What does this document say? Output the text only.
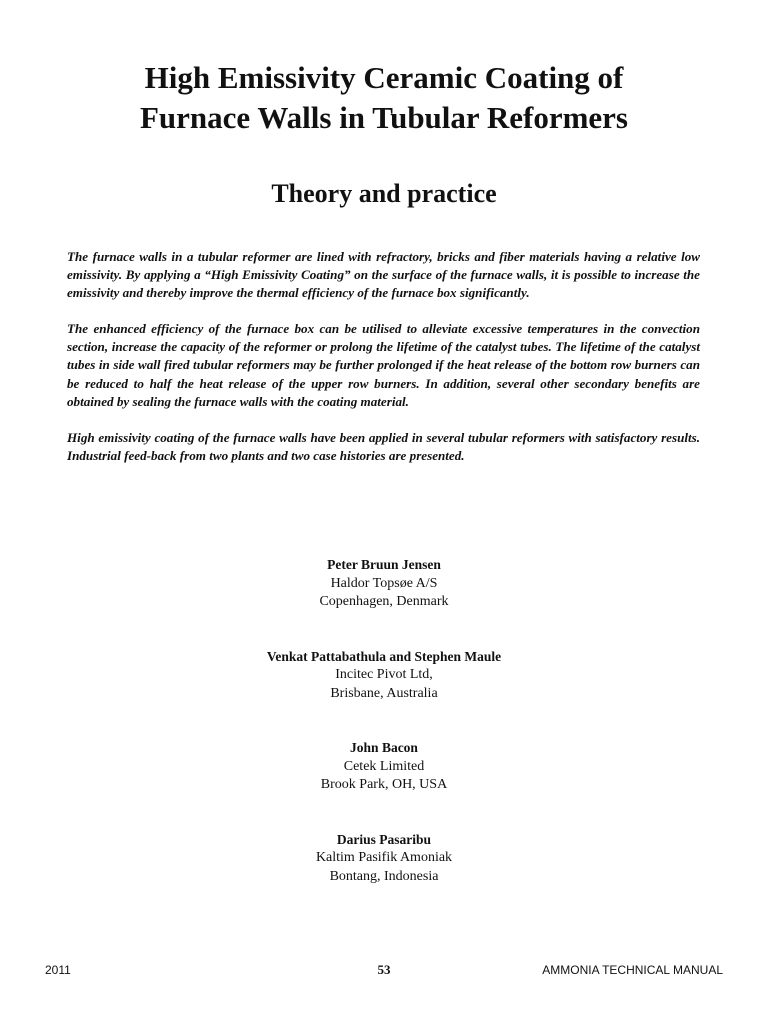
High Emissivity Ceramic Coating of
Furnace Walls in Tubular Reformers
Theory and practice

The furnace walls in a tubular reformer are lined with refractory, bricks and fiber materials having a relative low emissivity. By applying a “High Emissivity Coating” on the surface of the furnace walls, it is possible to increase the emissivity and thereby improve the thermal efficiency of the furnace box significantly.

The enhanced efficiency of the furnace box can be utilised to alleviate excessive temperatures in the convection section, increase the capacity of the reformer or prolong the lifetime of the catalyst tubes. The lifetime of the catalyst tubes in side wall fired tubular reformers may be further prolonged if the heat release of the bottom row burners can be reduced to half the heat release of the upper row burners. In addition, several other secondary benefits are obtained by sealing the furnace walls with the coating material.

High emissivity coating of the furnace walls have been applied in several tubular reformers with satisfactory results. Industrial feed-back from two plants and two case histories are presented.

Peter Bruun Jensen
Haldor Topsøe A/S
Copenhagen, Denmark
Venkat Pattabathula and Stephen Maule
Incitec Pivot Ltd,
Brisbane, Australia
John Bacon
Cetek Limited
Brook Park, OH, USA
Darius Pasaribu
Kaltim Pasifik Amoniak
Bontang, Indonesia
2011	53	AMMONIA TECHNICAL MANUAL
